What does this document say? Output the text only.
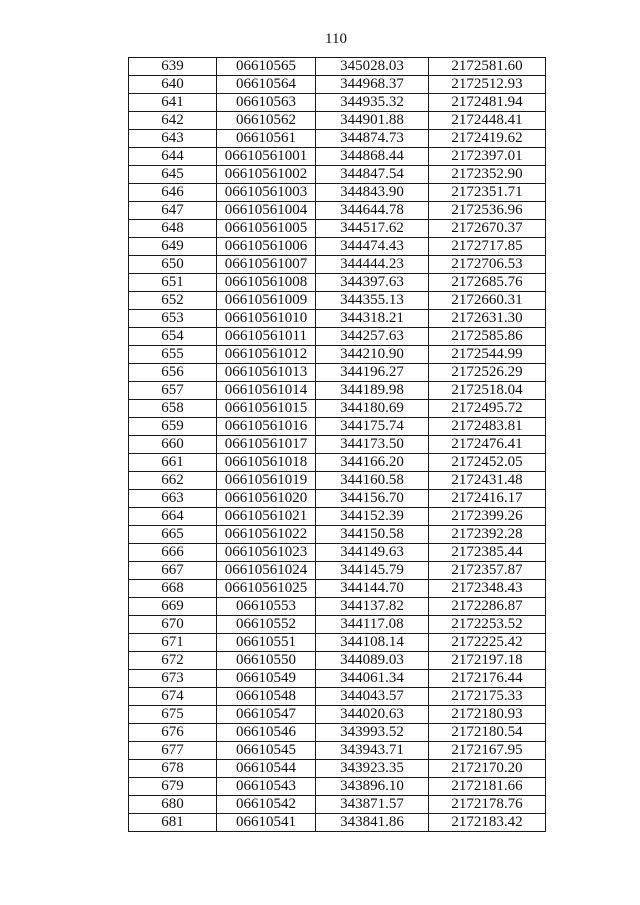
110
639	06610565	345028.03	2172581.60
640	06610564	344968.37	2172512.93
641	06610563	344935.32	2172481.94
642	06610562	344901.88	2172448.41
643	06610561	344874.73	2172419.62
644	06610561001	344868.44	2172397.01
645	06610561002	344847.54	2172352.90
646	06610561003	344843.90	2172351.71
647	06610561004	344644.78	2172536.96
648	06610561005	344517.62	2172670.37
649	06610561006	344474.43	2172717.85
650	06610561007	344444.23	2172706.53
651	06610561008	344397.63	2172685.76
652	06610561009	344355.13	2172660.31
653	06610561010	344318.21	2172631.30
654	06610561011	344257.63	2172585.86
655	06610561012	344210.90	2172544.99
656	06610561013	344196.27	2172526.29
657	06610561014	344189.98	2172518.04
658	06610561015	344180.69	2172495.72
659	06610561016	344175.74	2172483.81
660	06610561017	344173.50	2172476.41
661	06610561018	344166.20	2172452.05
662	06610561019	344160.58	2172431.48
663	06610561020	344156.70	2172416.17
664	06610561021	344152.39	2172399.26
665	06610561022	344150.58	2172392.28
666	06610561023	344149.63	2172385.44
667	06610561024	344145.79	2172357.87
668	06610561025	344144.70	2172348.43
669	06610553	344137.82	2172286.87
670	06610552	344117.08	2172253.52
671	06610551	344108.14	2172225.42
672	06610550	344089.03	2172197.18
673	06610549	344061.34	2172176.44
674	06610548	344043.57	2172175.33
675	06610547	344020.63	2172180.93
676	06610546	343993.52	2172180.54
677	06610545	343943.71	2172167.95
678	06610544	343923.35	2172170.20
679	06610543	343896.10	2172181.66
680	06610542	343871.57	2172178.76
681	06610541	343841.86	2172183.42
